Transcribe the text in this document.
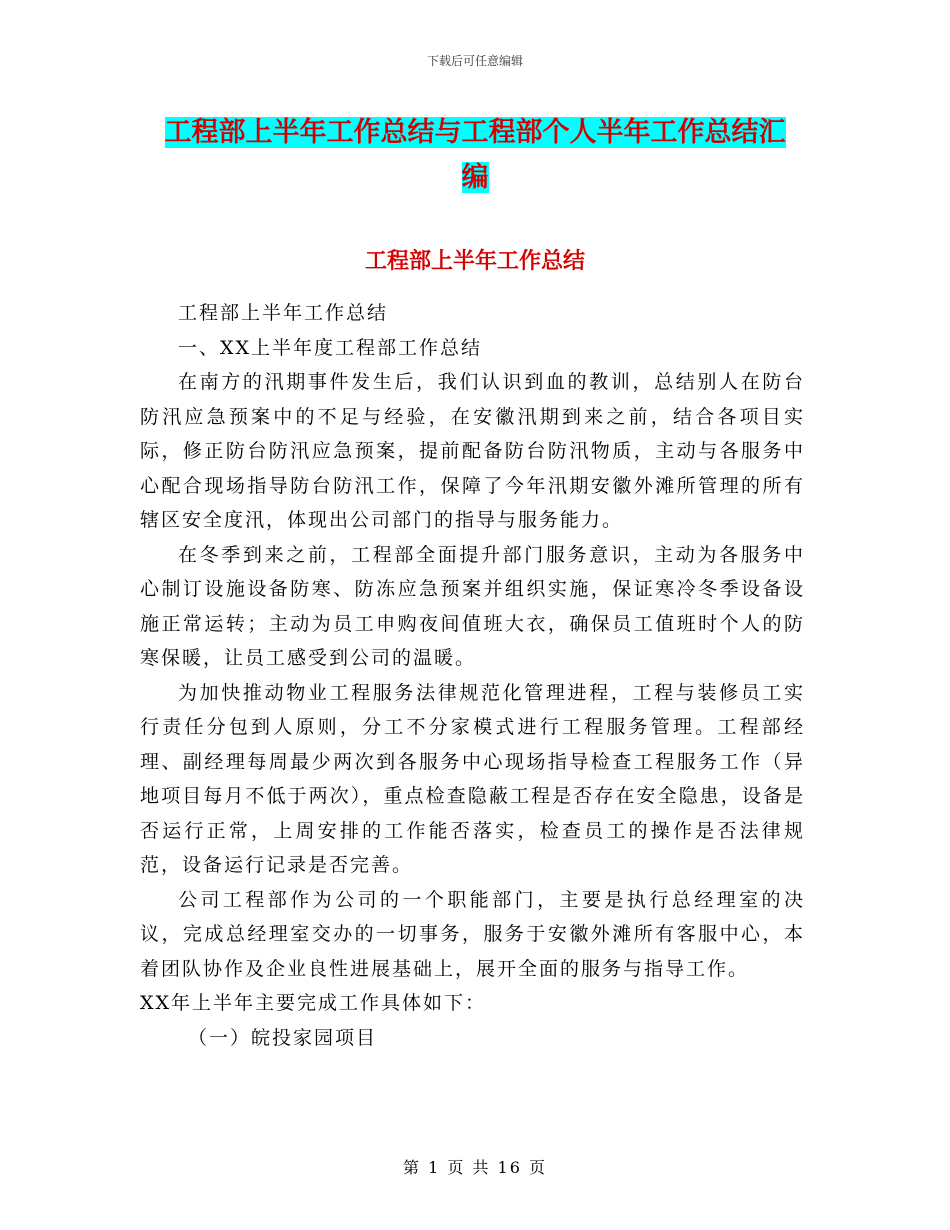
下载后可任意编辑
工程部上半年工作总结与工程部个人半年工作总结汇
编
工程部上半年工作总结

工程部上半年工作总结

一、XX上半年度工程部工作总结

在南方的汛期事件发生后，我们认识到血的教训，总结别人在防台防汛应急预案中的不足与经验，在安徽汛期到来之前，结合各项目实际，修正防台防汛应急预案，提前配备防台防汛物质，主动与各服务中心配合现场指导防台防汛工作，保障了今年汛期安徽外滩所管理的所有辖区安全度汛，体现出公司部门的指导与服务能力。

在冬季到来之前，工程部全面提升部门服务意识，主动为各服务中心制订设施设备防寒、防冻应急预案并组织实施，保证寒冷冬季设备设施正常运转；主动为员工申购夜间值班大衣，确保员工值班时个人的防寒保暖，让员工感受到公司的温暖。

为加快推动物业工程服务法律规范化管理进程，工程与装修员工实行责任分包到人原则，分工不分家模式进行工程服务管理。工程部经理、副经理每周最少两次到各服务中心现场指导检查工程服务工作（异地项目每月不低于两次），重点检查隐蔽工程是否存在安全隐患，设备是否运行正常，上周安排的工作能否落实，检查员工的操作是否法律规范，设备运行记录是否完善。

公司工程部作为公司的一个职能部门，主要是执行总经理室的决议，完成总经理室交办的一切事务，服务于安徽外滩所有客服中心，本着团队协作及企业良性进展基础上，展开全面的服务与指导工作。

XX年上半年主要完成工作具体如下：

（一）皖投家园项目

第 1 页 共 16 页
